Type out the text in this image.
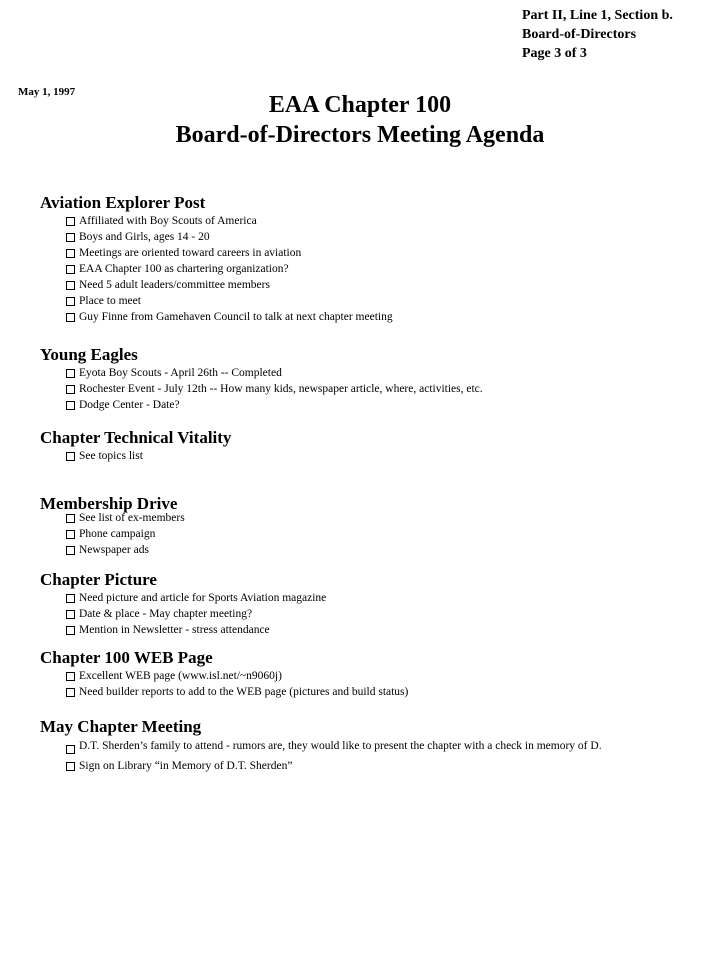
Part II, Line 1, Section b.
Board-of-Directors
Page 3 of 3
May 1, 1997	EAA Chapter 100
Board-of-Directors Meeting Agenda
Aviation Explorer Post
Affiliated with Boy Scouts of America
Boys and Girls, ages 14 - 20
Meetings are oriented toward careers in aviation
EAA Chapter 100 as chartering organization?
Need 5 adult leaders/committee members
Place to meet
Guy Finne from Gamehaven Council to talk at next chapter meeting
Young Eagles
Eyota Boy Scouts - April 26th -- Completed
Rochester Event - July 12th -- How many kids, newspaper article, where, activities, etc.
Dodge Center - Date?
Chapter Technical Vitality
See topics list
Membership Drive
See list of ex-members
Phone campaign
Newspaper ads
Chapter Picture
Need picture and article for Sports Aviation magazine
Date & place - May chapter meeting?
Mention in Newsletter - stress attendance
Chapter 100 WEB Page
Excellent WEB page (www.isl.net/~n9060j)
Need builder reports to add to the WEB page (pictures and build status)
May Chapter Meeting
D.T. Sherden’s family to attend - rumors are, they would like to present the chapter with a check in memory of D.
Sign on Library “in Memory of D.T. Sherden”
